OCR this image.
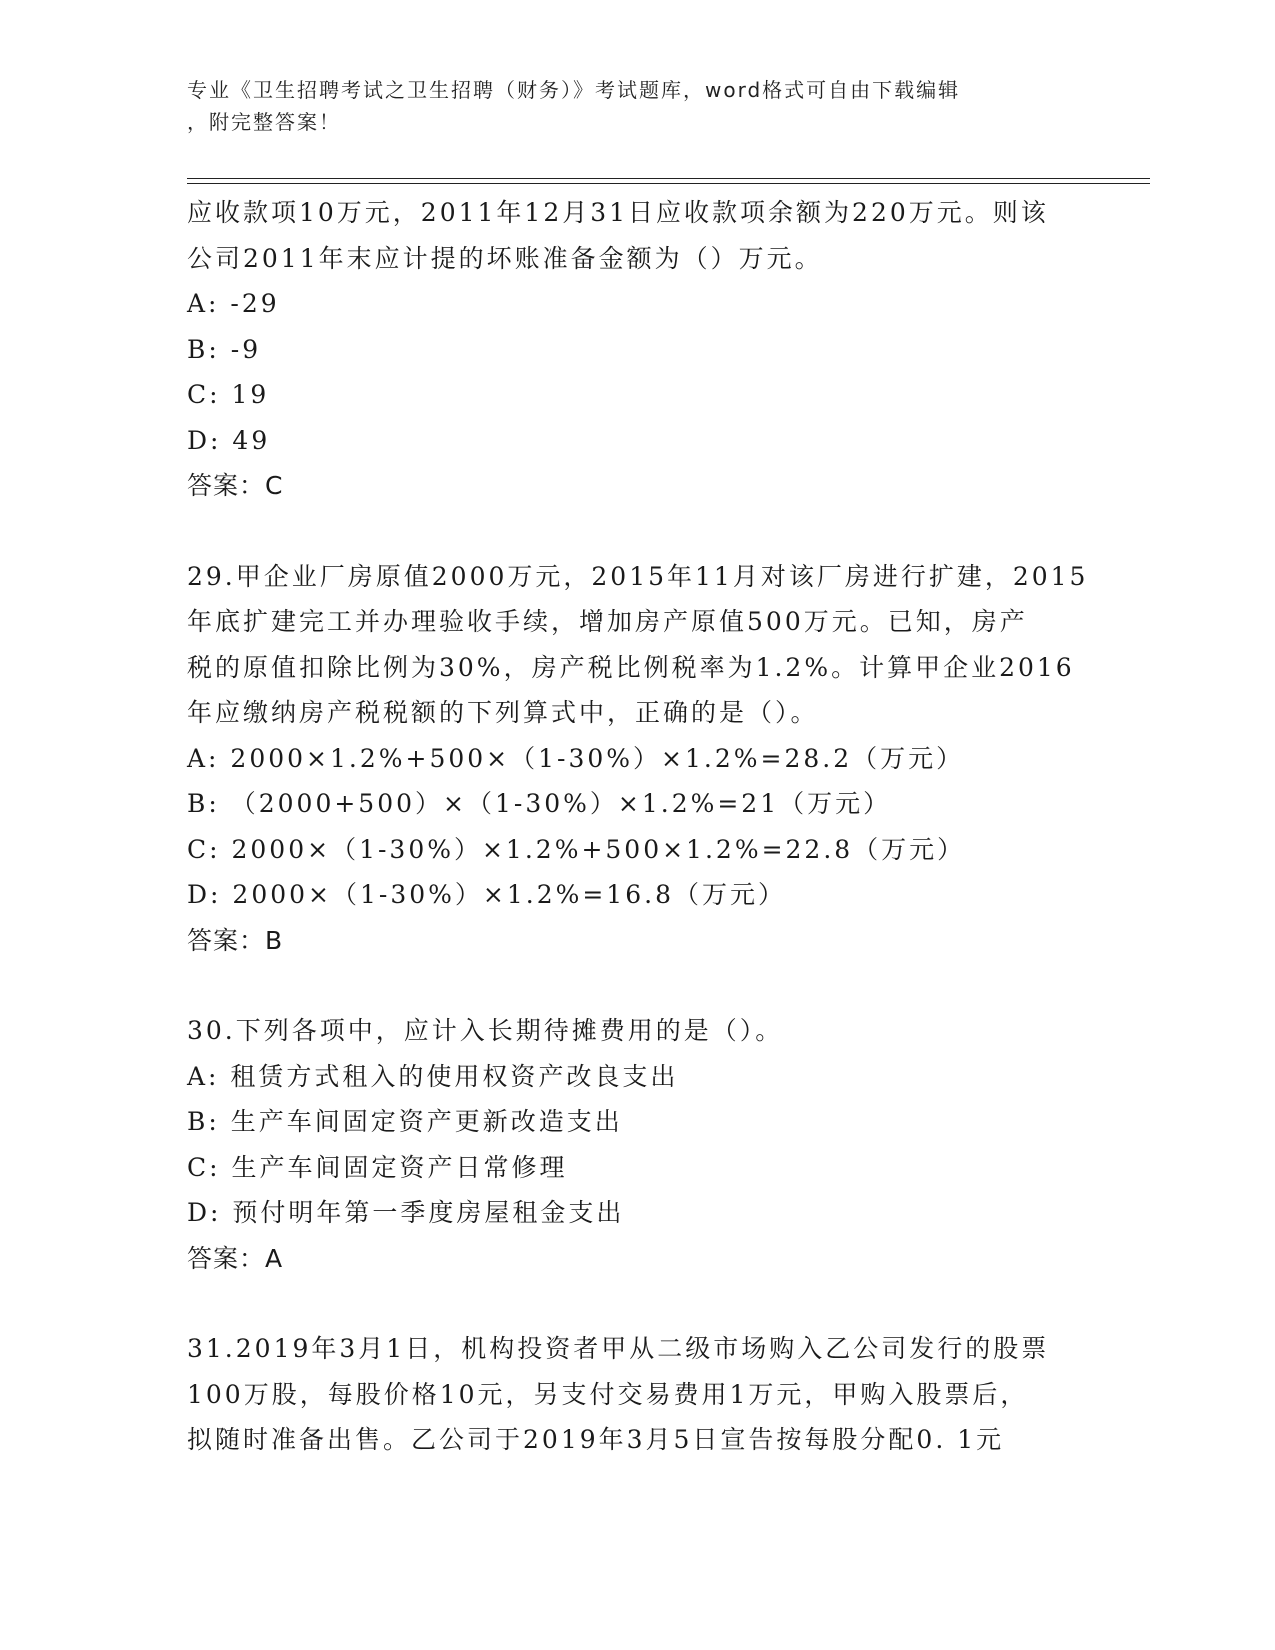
专业《卫生招聘考试之卫生招聘（财务）》考试题库，word格式可自由下载编辑
，附完整答案！
应收款项10万元，2011年12月31日应收款项余额为220万元。则该
公司2011年末应计提的坏账准备金额为（）万元。
A: -29
B: -9
C: 19
D: 49
答案：C
29.甲企业厂房原值2000万元，2015年11月对该厂房进行扩建，2015
年底扩建完工并办理验收手续，增加房产原值500万元。已知，房产
税的原值扣除比例为30%，房产税比例税率为1.2%。计算甲企业2016
年应缴纳房产税税额的下列算式中，正确的是（）。
A: 2000×1.2%+500×（1-30%）×1.2%=28.2（万元）
B: （2000+500）×（1-30%）×1.2%=21（万元）
C: 2000×（1-30%）×1.2%+500×1.2%=22.8（万元）
D: 2000×（1-30%）×1.2%=16.8（万元）
答案：B
30.下列各项中，应计入长期待摊费用的是（）。
A: 租赁方式租入的使用权资产改良支出
B: 生产车间固定资产更新改造支出
C: 生产车间固定资产日常修理
D: 预付明年第一季度房屋租金支出
答案：A
31.2019年3月1日，机构投资者甲从二级市场购入乙公司发行的股票
100万股，每股价格10元，另支付交易费用1万元，甲购入股票后，
拟随时准备出售。乙公司于2019年3月5日宣告按每股分配0. 1元
